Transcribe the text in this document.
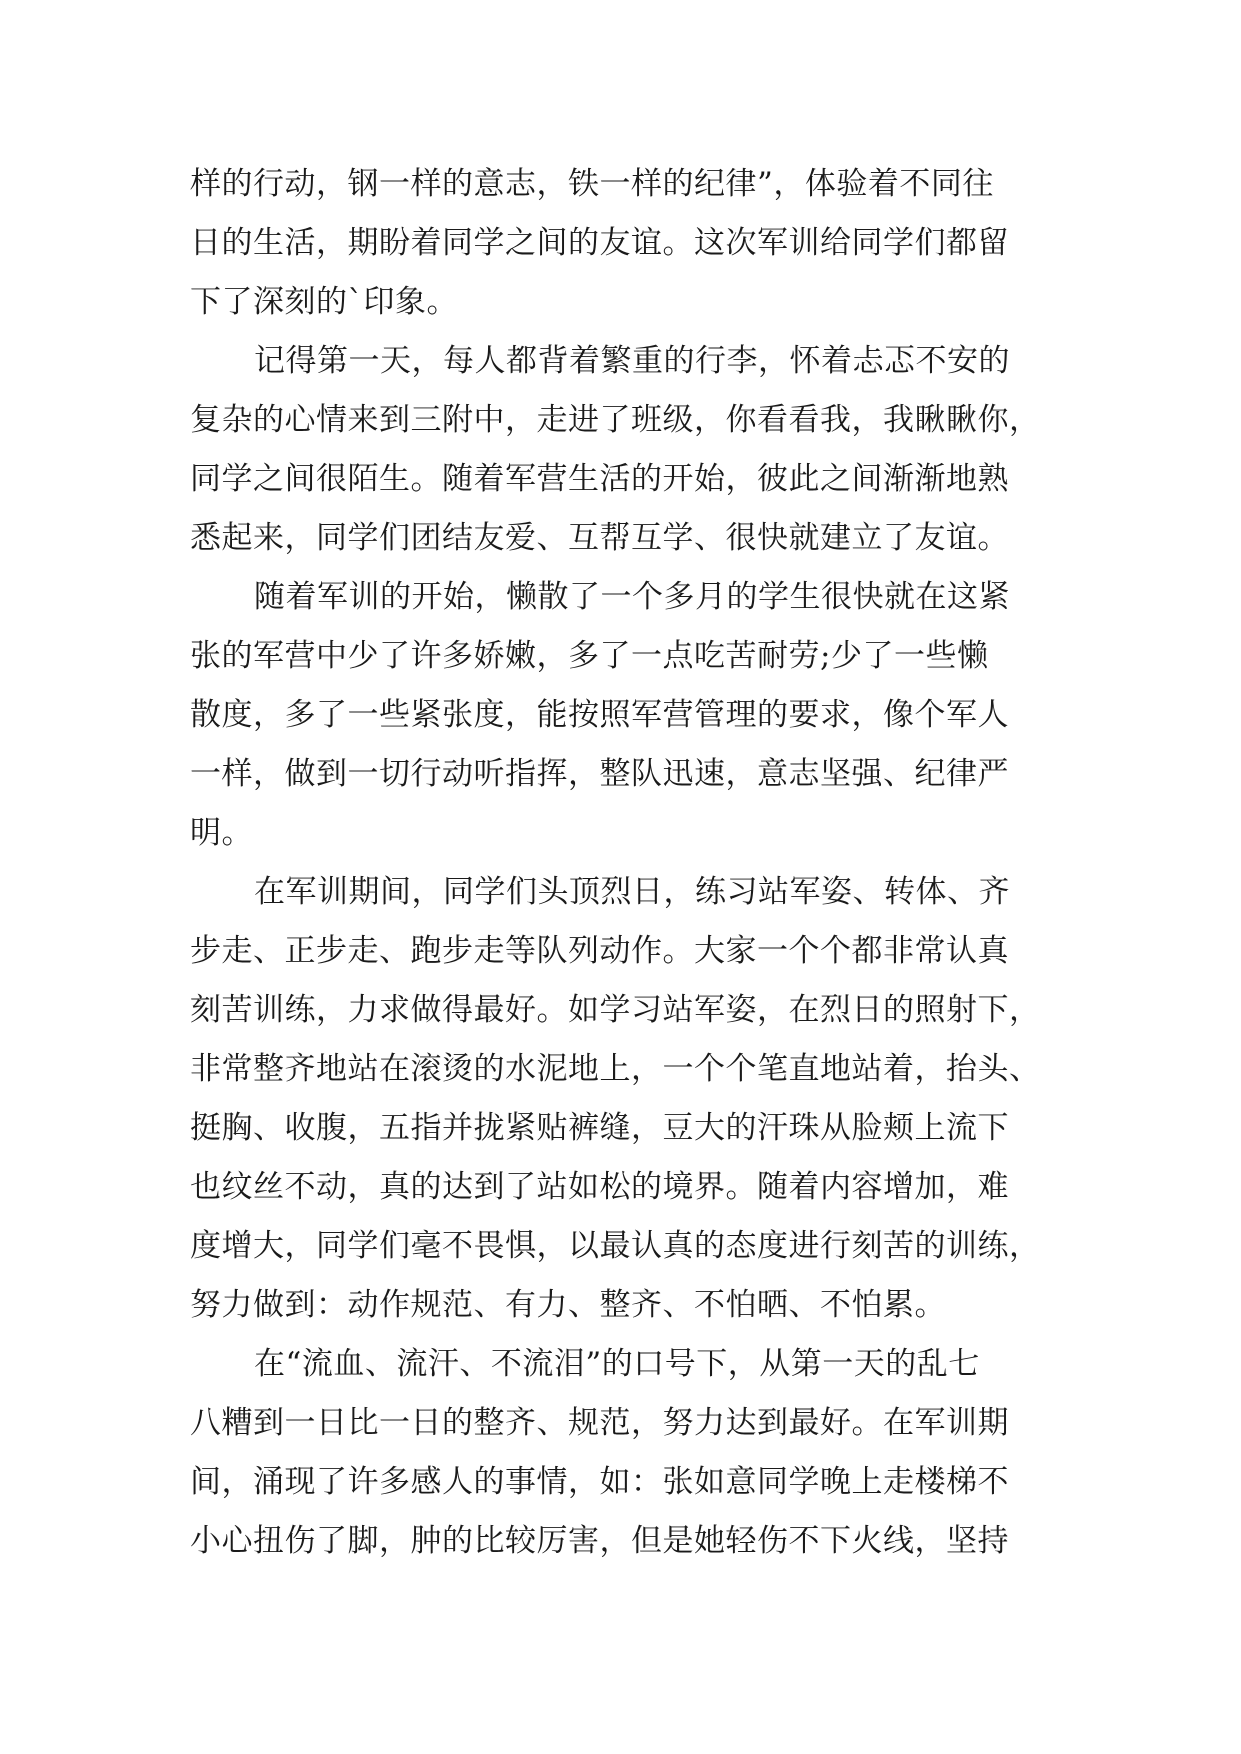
样的行动，钢一样的意志，铁一样的纪律”，体验着不同往
日的生活，期盼着同学之间的友谊。这次军训给同学们都留
下了深刻的`印象。
记得第一天，每人都背着繁重的行李，怀着忐忑不安的
复杂的心情来到三附中，走进了班级，你看看我，我瞅瞅你，
同学之间很陌生。随着军营生活的开始，彼此之间渐渐地熟
悉起来，同学们团结友爱、互帮互学、很快就建立了友谊。
随着军训的开始，懒散了一个多月的学生很快就在这紧
张的军营中少了许多娇嫩，多了一点吃苦耐劳;少了一些懒
散度，多了一些紧张度，能按照军营管理的要求，像个军人
一样，做到一切行动听指挥，整队迅速，意志坚强、纪律严
明。
在军训期间，同学们头顶烈日，练习站军姿、转体、齐
步走、正步走、跑步走等队列动作。大家一个个都非常认真
刻苦训练，力求做得最好。如学习站军姿，在烈日的照射下，
非常整齐地站在滚烫的水泥地上，一个个笔直地站着，抬头、
挺胸、收腹，五指并拢紧贴裤缝，豆大的汗珠从脸颊上流下
也纹丝不动，真的达到了站如松的境界。随着内容增加，难
度增大，同学们毫不畏惧，以最认真的态度进行刻苦的训练，
努力做到：动作规范、有力、整齐、不怕晒、不怕累。
在“流血、流汗、不流泪”的口号下，从第一天的乱七
八糟到一日比一日的整齐、规范，努力达到最好。在军训期
间，涌现了许多感人的事情，如：张如意同学晚上走楼梯不
小心扭伤了脚，肿的比较厉害，但是她轻伤不下火线，坚持
